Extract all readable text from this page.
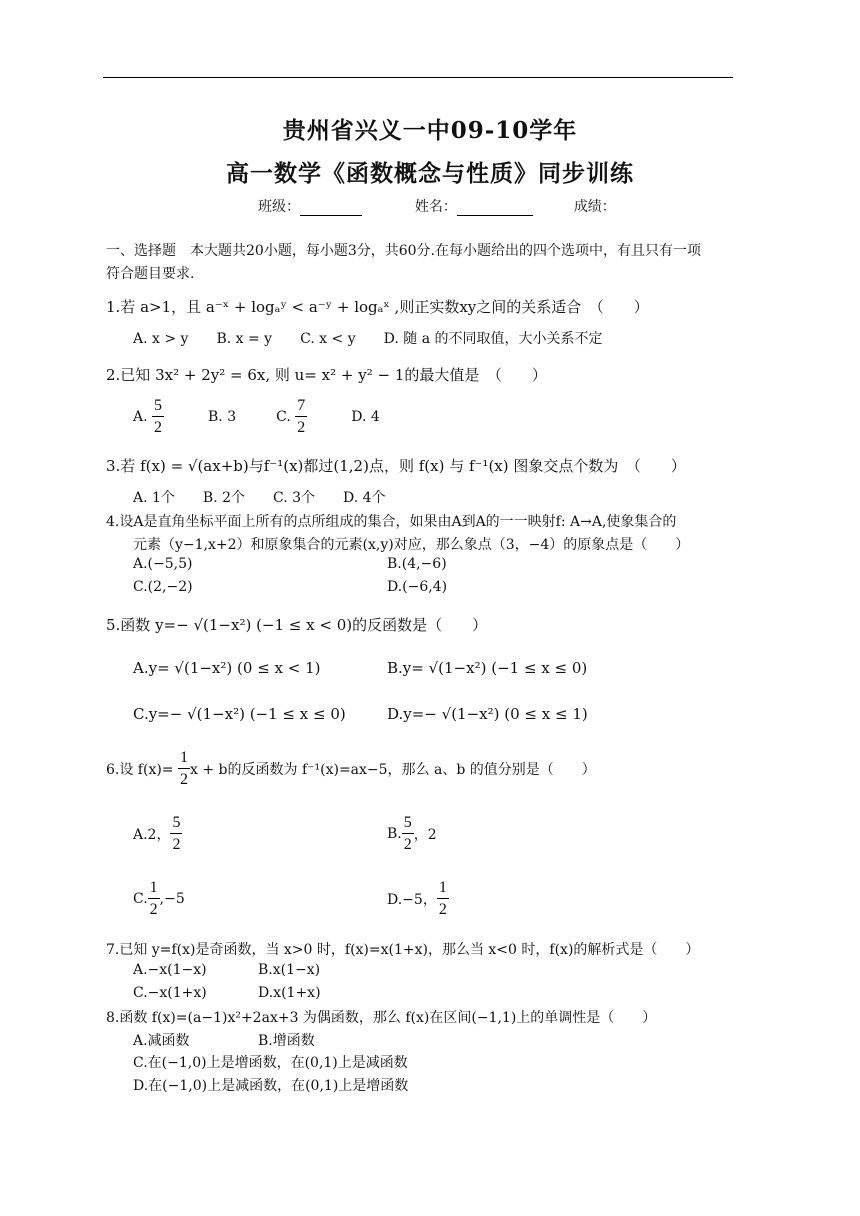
贵州省兴义一中09-10学年
高一数学《函数概念与性质》同步训练
班级：	姓名：	成绩：
一、选择题　本大题共20小题，每小题3分，共60分.在每小题给出的四个选项中，有且只有一项
符合题目要求.
1.若 a>1，且 a⁻ˣ + logₐʸ < a⁻ʸ + logₐˣ ,则正实数xy之间的关系适合　（　　）
A. x > y　　B. x = y　　C. x < y　　D. 随 a 的不同取值，大小关系不定
2.已知 3x² + 2y² = 6x, 则 u= x² + y² − 1的最大值是　（　　）
A.
$\frac{5}{2}$	B. 3	C.
$\frac{7}{2}$	D. 4
3.若 f(x) = √(ax+b)与f⁻¹(x)都过(1,2)点，则 f(x) 与 f⁻¹(x) 图象交点个数为　（　　）
A. 1个　　B. 2个　　C. 3个　　D. 4个
4.设A是直角坐标平面上所有的点所组成的集合，如果由A到A的一一映射f: A→A,使象集合的
元素（y−1,x+2）和原象集合的元素(x,y)对应，那么象点（3，−4）的原象点是（　　）
A.(−5,5)	B.(4,−6)
C.(2,−2)	D.(−6,4)
5.函数 y=− √(1−x²) (−1 ≤ x < 0)的反函数是（　　）
A.y= √(1−x²) (0 ≤ x < 1)	B.y= √(1−x²) (−1 ≤ x ≤ 0)
C.y=− √(1−x²) (−1 ≤ x ≤ 0)	D.y=− √(1−x²) (0 ≤ x ≤ 1)
6.设 f(x)=
$\frac{1}{2}$ x + b的反函数为 f⁻¹(x)=ax−5，那么 a、b 的值分别是（　　）
A.2， $\frac{5}{2}$	B. $\frac{5}{2}$ ，2
C. $\frac{1}{2} ,-5$	D.−5， $\frac{1}{2}$
7.已知 y=f(x)是奇函数，当 x>0 时，f(x)=x(1+x)，那么当 x<0 时，f(x)的解析式是（　　）
A.−x(1−x)	B.x(1−x)
C.−x(1+x)	D.x(1+x)
8.函数 f(x)=(a−1)x²+2ax+3 为偶函数，那么 f(x)在区间(−1,1)上的单调性是（　　）
A.减函数	B.增函数
C.在(−1,0)上是增函数，在(0,1)上是减函数
D.在(−1,0)上是减函数，在(0,1)上是增函数
